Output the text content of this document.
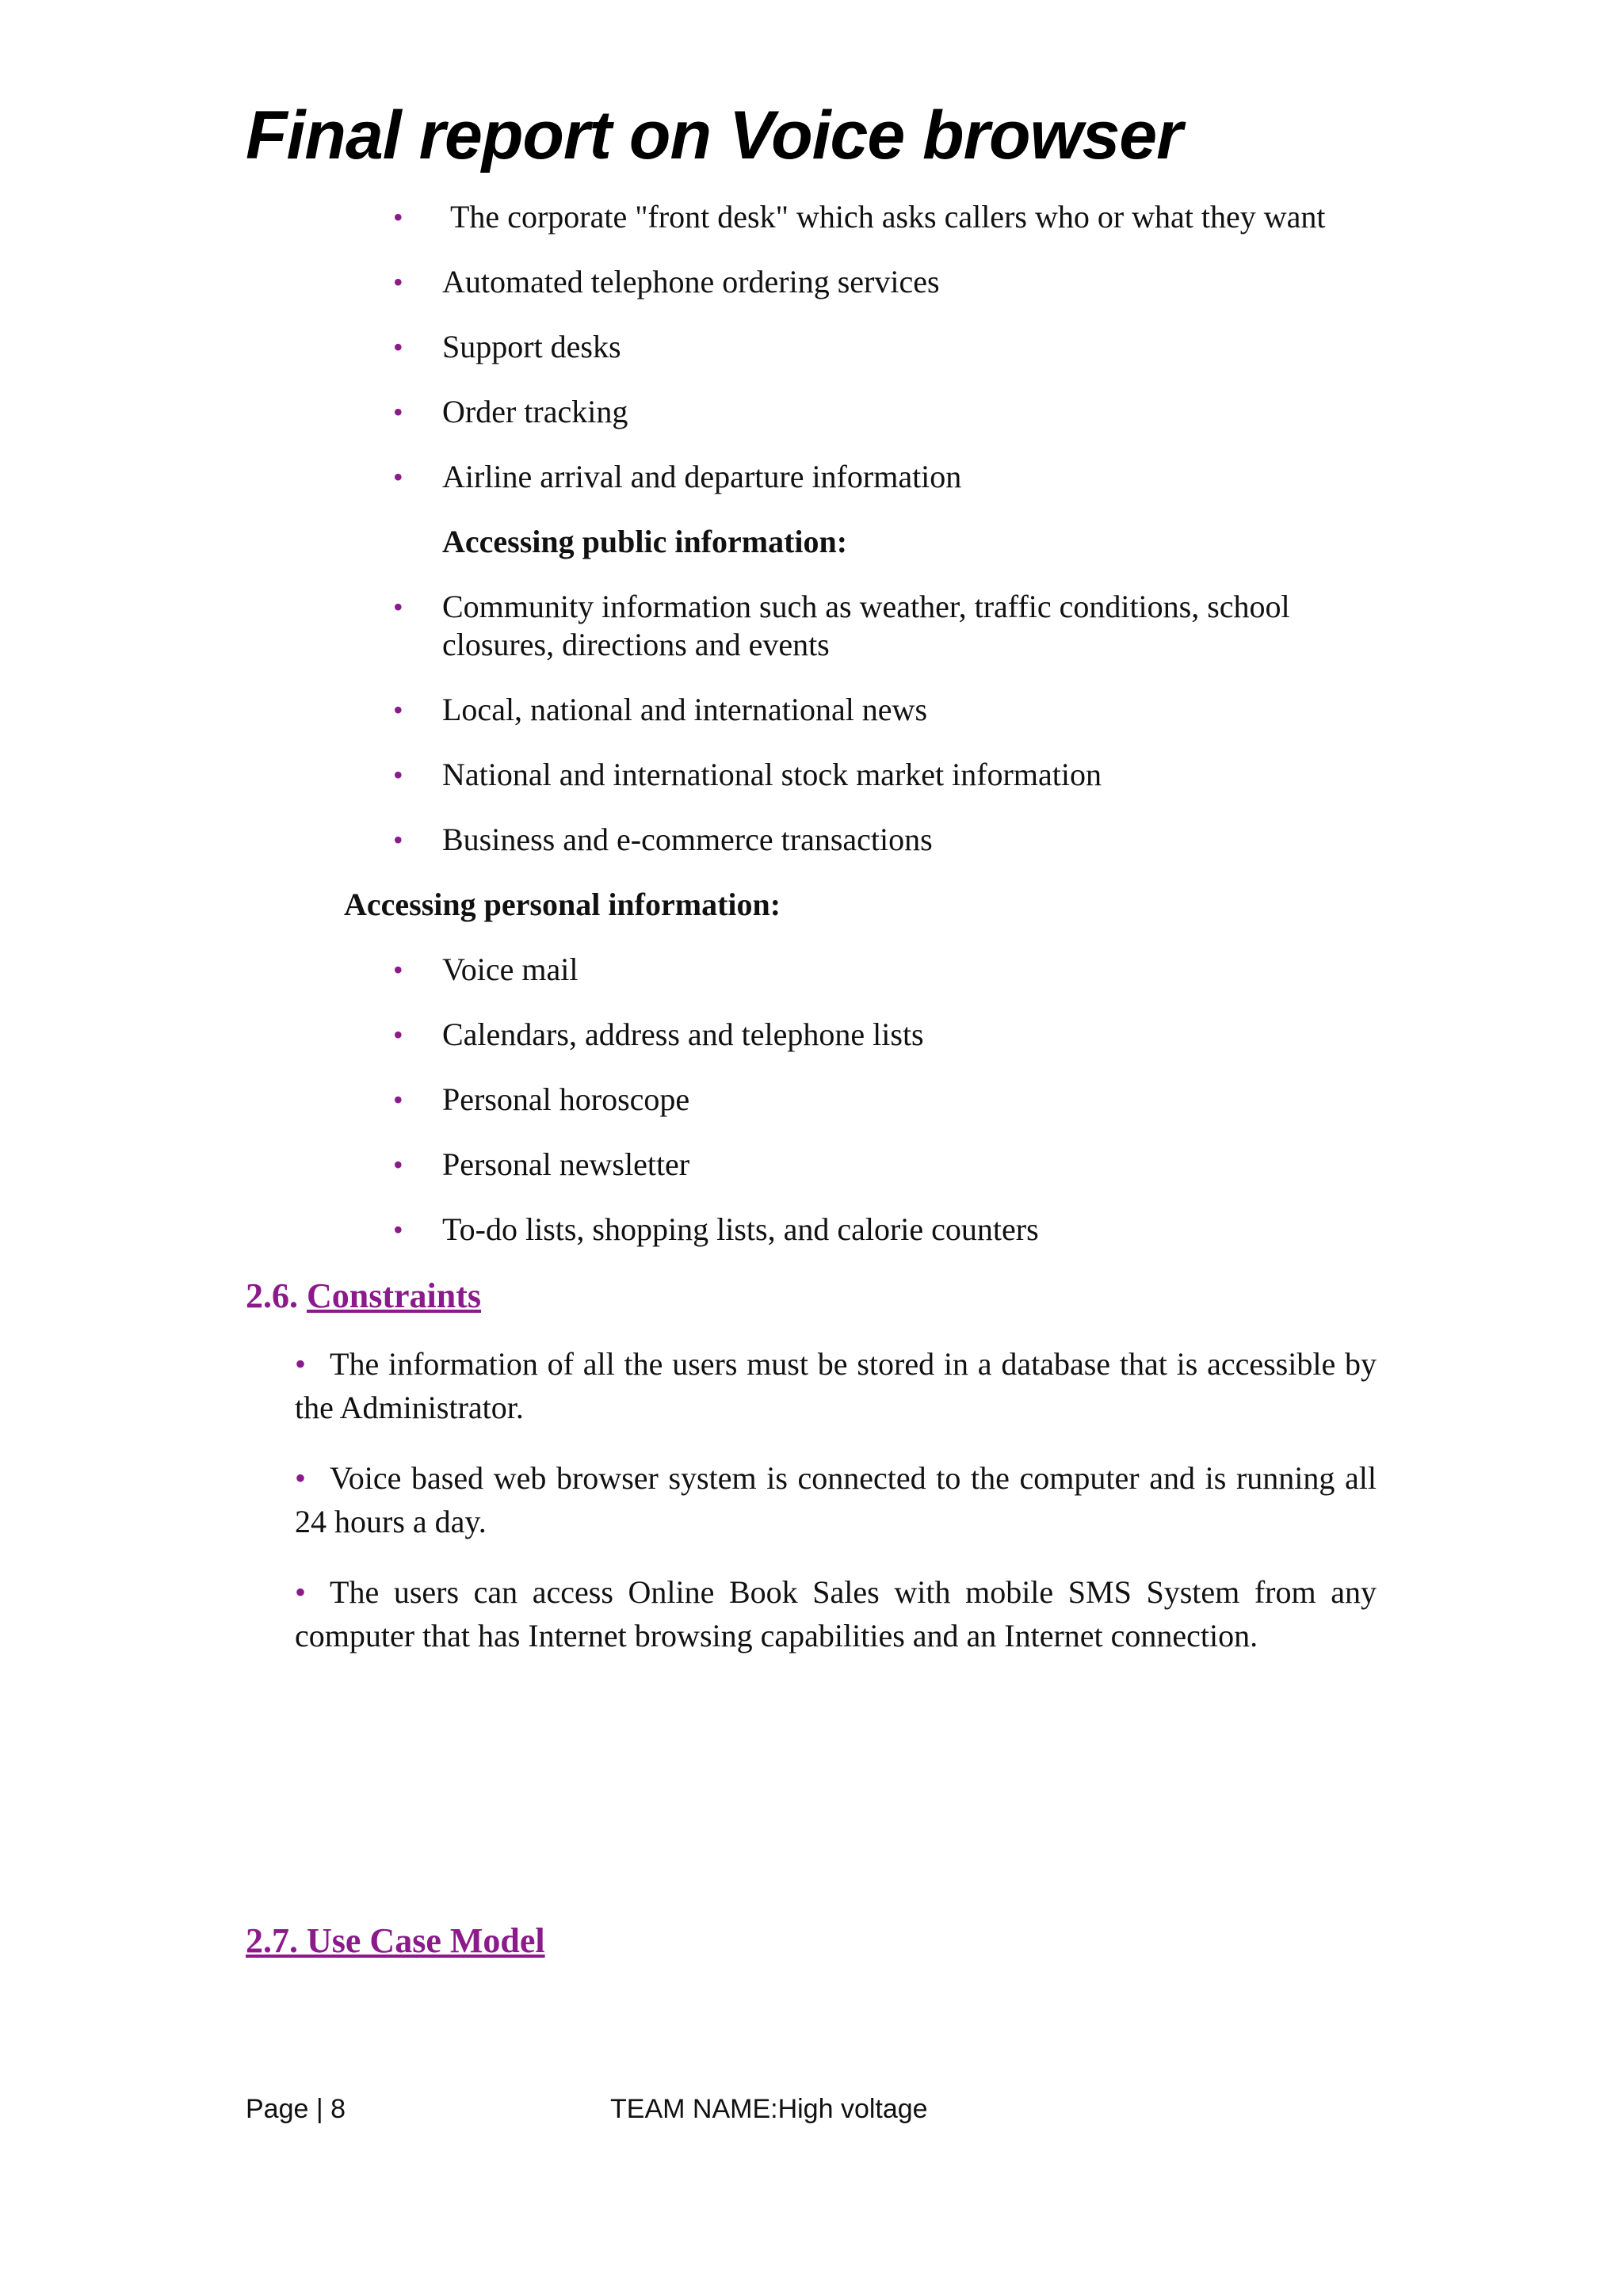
Final report on Voice browser
• The corporate "front desk" which asks callers who or what they want
• Automated telephone ordering services
• Support desks
• Order tracking
• Airline arrival and departure information
Accessing public information:
• Community information such as weather, traffic conditions, school
closures, directions and events
• Local, national and international news
• National and international stock market information
• Business and e-commerce transactions
Accessing personal information:
• Voice mail
• Calendars, address and telephone lists
• Personal horoscope
• Personal newsletter
• To-do lists, shopping lists, and calorie counters
2.6. Constraints
• The information of all the users must be stored in a database that is accessible by the Administrator.
• Voice based web browser system is connected to the computer and is running all 24 hours a day.
• The users can access Online Book Sales with mobile SMS System from any computer that has Internet browsing capabilities and an Internet connection.
2.7. Use Case Model
Page | 8	TEAM NAME:High voltage
